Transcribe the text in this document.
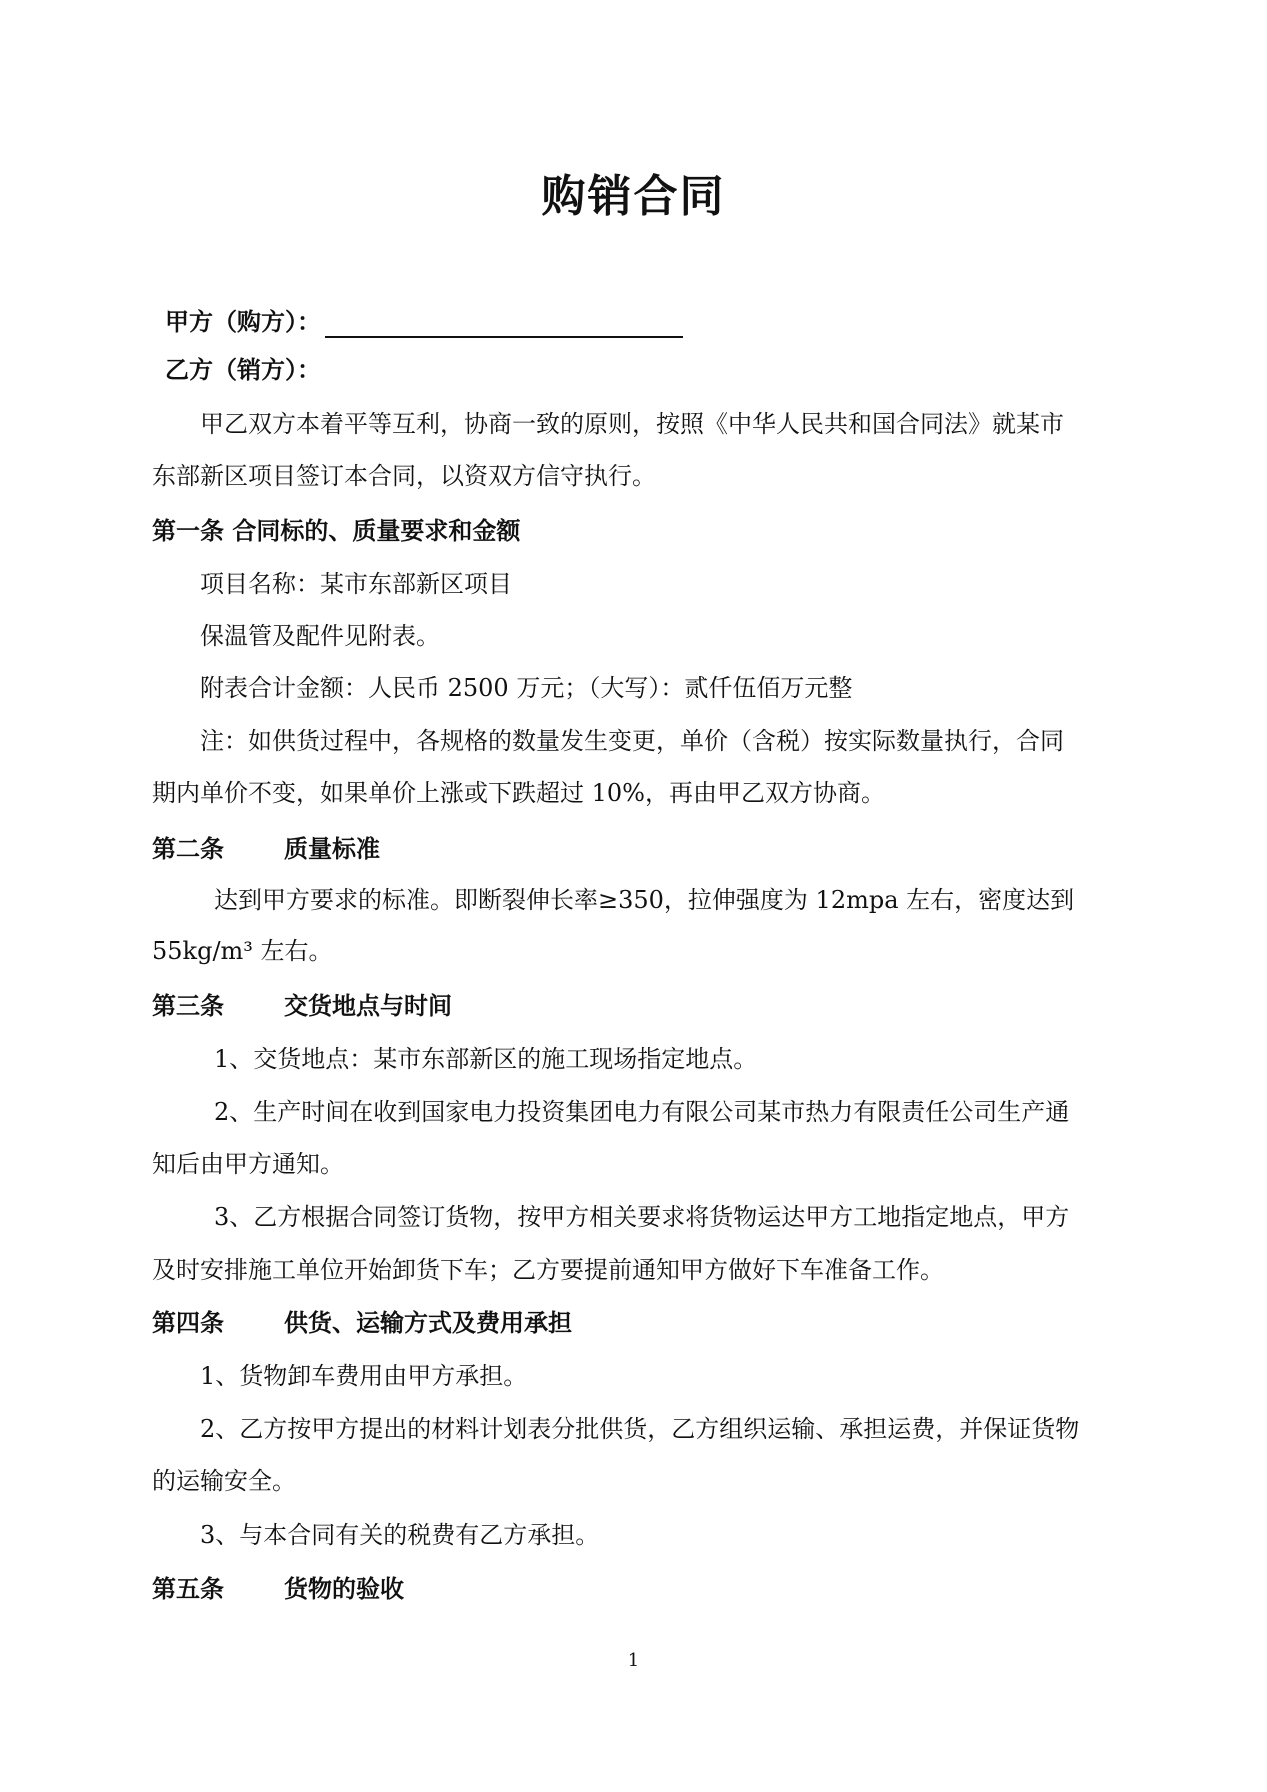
购销合同
甲方（购方）：
乙方（销方）：
甲乙双方本着平等互利，协商一致的原则，按照《中华人民共和国合同法》就某市
东部新区项目签订本合同，以资双方信守执行。
第一条 合同标的、质量要求和金额
项目名称：某市东部新区项目
保温管及配件见附表。
附表合计金额：人民币 2500 万元；（大写）：贰仟伍佰万元整
注：如供货过程中，各规格的数量发生变更，单价（含税）按实际数量执行，合同
期内单价不变，如果单价上涨或下跌超过 10%，再由甲乙双方协商。
第二条	质量标准
达到甲方要求的标准。即断裂伸长率≥350，拉伸强度为 12mpa 左右，密度达到
55kg/m³ 左右。
第三条	交货地点与时间
1、交货地点：某市东部新区的施工现场指定地点。
2、生产时间在收到国家电力投资集团电力有限公司某市热力有限责任公司生产通
知后由甲方通知。
3、乙方根据合同签订货物，按甲方相关要求将货物运达甲方工地指定地点，甲方
及时安排施工单位开始卸货下车；乙方要提前通知甲方做好下车准备工作。
第四条	供货、运输方式及费用承担
1、货物卸车费用由甲方承担。
2、乙方按甲方提出的材料计划表分批供货，乙方组织运输、承担运费，并保证货物
的运输安全。
3、与本合同有关的税费有乙方承担。
第五条	货物的验收
1
